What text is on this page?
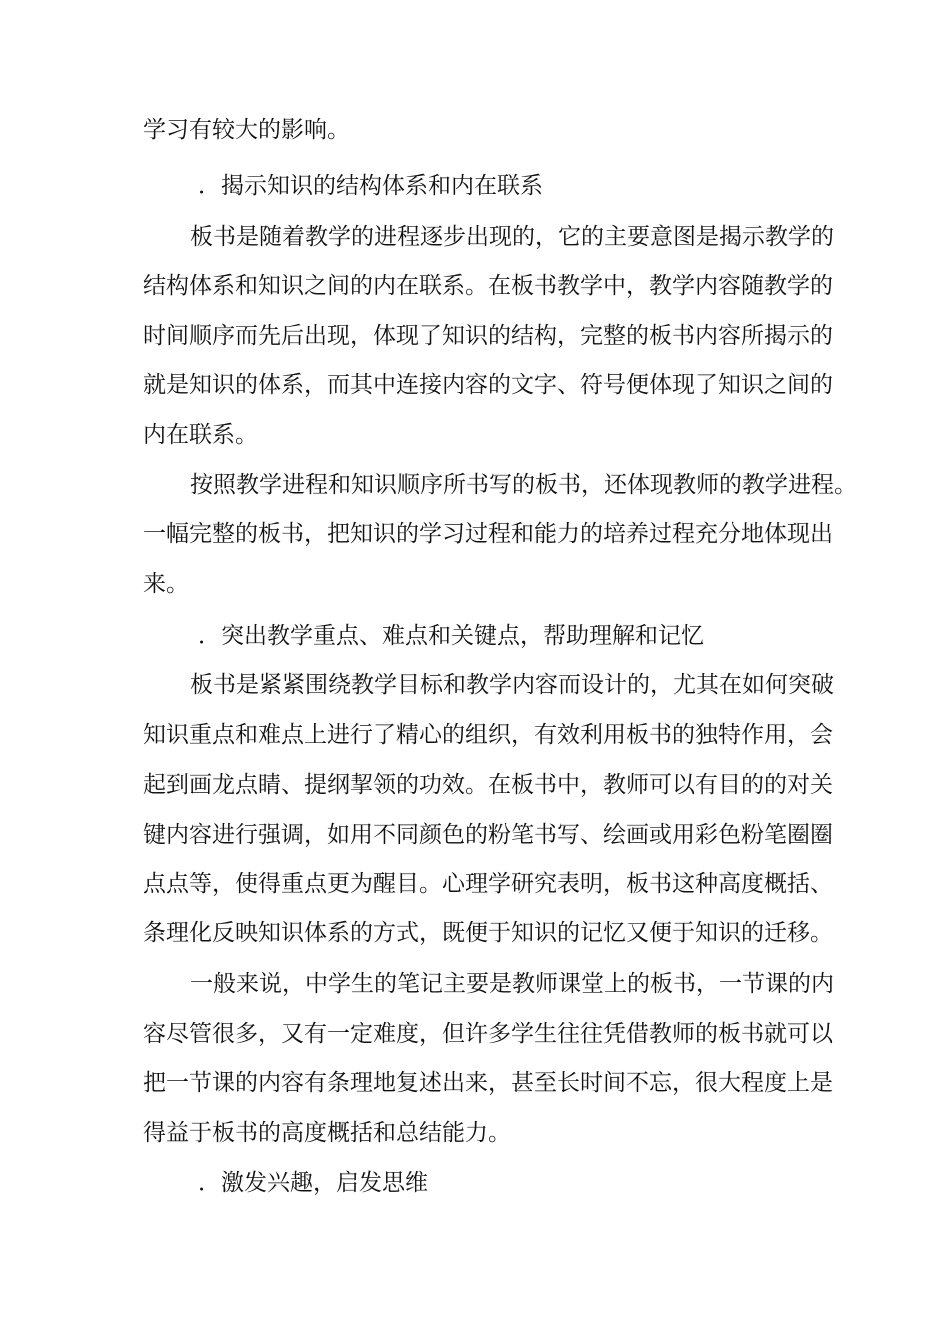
学习有较大的影响。
．揭示知识的结构体系和内在联系
板书是随着教学的进程逐步出现的，它的主要意图是揭示教学的
结构体系和知识之间的内在联系。在板书教学中，教学内容随教学的
时间顺序而先后出现，体现了知识的结构，完整的板书内容所揭示的
就是知识的体系，而其中连接内容的文字、符号便体现了知识之间的
内在联系。
按照教学进程和知识顺序所书写的板书，还体现教师的教学进程。
一幅完整的板书，把知识的学习过程和能力的培养过程充分地体现出
来。
．突出教学重点、难点和关键点，帮助理解和记忆
板书是紧紧围绕教学目标和教学内容而设计的，尤其在如何突破
知识重点和难点上进行了精心的组织，有效利用板书的独特作用，会
起到画龙点睛、提纲挈领的功效。在板书中，教师可以有目的的对关
键内容进行强调，如用不同颜色的粉笔书写、绘画或用彩色粉笔圈圈
点点等，使得重点更为醒目。心理学研究表明，板书这种高度概括、
条理化反映知识体系的方式，既便于知识的记忆又便于知识的迁移。
一般来说，中学生的笔记主要是教师课堂上的板书，一节课的内
容尽管很多，又有一定难度，但许多学生往往凭借教师的板书就可以
把一节课的内容有条理地复述出来，甚至长时间不忘，很大程度上是
得益于板书的高度概括和总结能力。
．激发兴趣，启发思维
